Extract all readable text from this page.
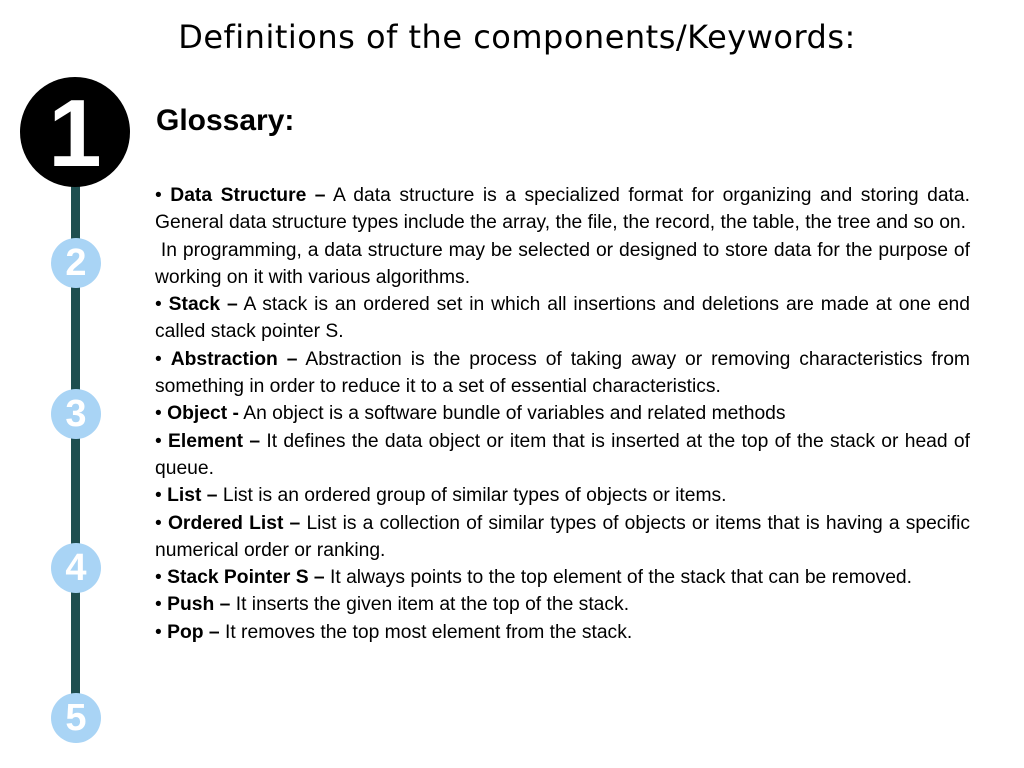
Definitions of the components/Keywords:
1
2
3
4
5
Glossary:

• Data Structure – A data structure is a specialized format for organizing and storing data. General data structure types include the array, the file, the record, the table, the tree and so on.

In programming, a data structure may be selected or designed to store data for the purpose of working on it with various algorithms.

• Stack – A stack is an ordered set in which all insertions and deletions are made at one end called stack pointer S.

• Abstraction – Abstraction is the process of taking away or removing characteristics from something in order to reduce it to a set of essential characteristics.

• Object - An object is a software bundle of variables and related methods

• Element – It defines the data object or item that is inserted at the top of the stack or head of queue.

• List – List is an ordered group of similar types of objects or items.

• Ordered List – List is a collection of similar types of objects or items that is having a specific numerical order or ranking.

• Stack Pointer S – It always points to the top element of the stack that can be removed.

• Push – It inserts the given item at the top of the stack.

• Pop – It removes the top most element from the stack.
